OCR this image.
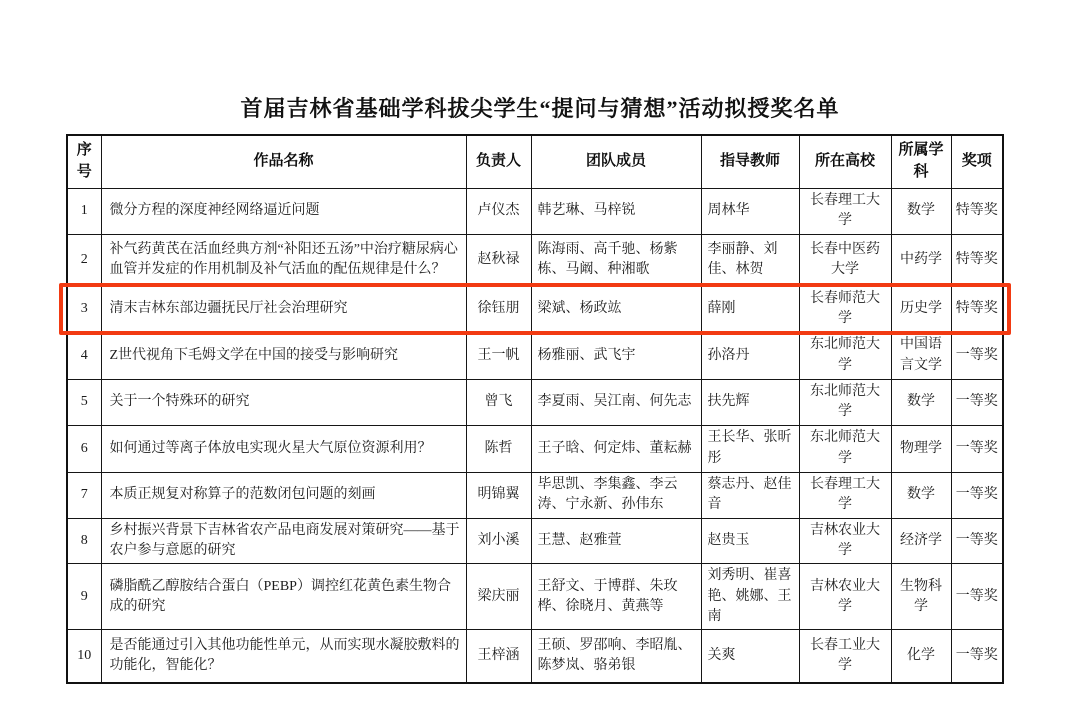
首届吉林省基础学科拔尖学生“提问与猜想”活动拟授奖名单
序号	作品名称	负责人	团队成员	指导教师	所在高校	所属学科	奖项
1	微分方程的深度神经网络逼近问题	卢仪杰	韩艺琳、马梓锐	周林华	长春理工大学	数学	特等奖
2	补气药黄芪在活血经典方剂“补阳还五汤”中治疗糖尿病心血管并发症的作用机制及补气活血的配伍规律是什么？	赵秋禄	陈海雨、高千驰、杨紫栋、马阚、种湘歌	李丽静、刘佳、林贺	长春中医药大学	中药学	特等奖
3	清末吉林东部边疆抚民厅社会治理研究	徐钰朋	梁斌、杨政竑	薛刚	长春师范大学	历史学	特等奖
4	Z世代视角下毛姆文学在中国的接受与影响研究	王一帆	杨雅丽、武飞宇	孙洛丹	东北师范大学	中国语言文学	一等奖
5	关于一个特殊环的研究	曾飞	李夏雨、吴江南、何先志	扶先辉	东北师范大学	数学	一等奖
6	如何通过等离子体放电实现火星大气原位资源利用？	陈哲	王子晗、何定炜、董耘赫	王长华、张昕彤	东北师范大学	物理学	一等奖
7	本质正规复对称算子的范数闭包问题的刻画	明锦翼	毕思凯、李集鑫、李云涛、宁永新、孙伟东	蔡志丹、赵佳音	长春理工大学	数学	一等奖
8	乡村振兴背景下吉林省农产品电商发展对策研究——基于农户参与意愿的研究	刘小溪	王慧、赵雅萱	赵贵玉	吉林农业大学	经济学	一等奖
9	磷脂酰乙醇胺结合蛋白（PEBP）调控红花黄色素生物合成的研究	梁庆丽	王舒文、于博群、朱玫桦、徐晓月、黄燕等	刘秀明、崔喜艳、姚娜、王南	吉林农业大学	生物科学	一等奖
10	是否能通过引入其他功能性单元，从而实现水凝胶敷料的功能化，智能化？	王梓涵	王硕、罗邵响、李昭胤、陈梦岚、骆弟银	关爽	长春工业大学	化学	一等奖
